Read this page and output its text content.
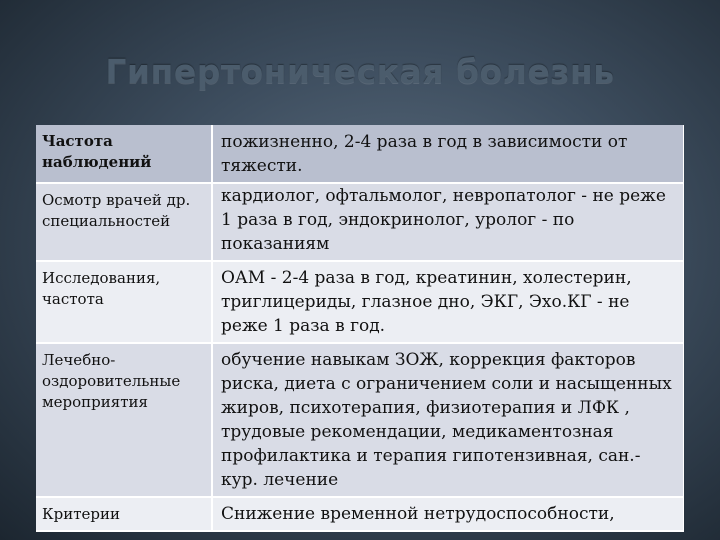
Гипертоническая болезнь
Частота наблюдений	пожизненно, 2-4 раза в год в зависимости от тяжести.
Осмотр врачей др. специальностей	кардиолог, офтальмолог, невропатолог - не реже 1 раза в год, эндокринолог, уролог - по показаниям
Исследования, частота	ОАМ - 2-4 раза в год, креатинин, холестерин, триглицериды, глазное дно, ЭКГ, Эхо.КГ - не реже 1 раза в год.
Лечебно-оздоровительные мероприятия	обучение навыкам ЗОЖ, коррекция факторов риска, диета с ограничением соли и насыщенных жиров, психотерапия, физиотерапия и ЛФК , трудовые рекомендации, медикаментозная профилактика и терапия гипотензивная, сан.-кур. лечение
Критерии	Снижение временной нетрудоспособности,
